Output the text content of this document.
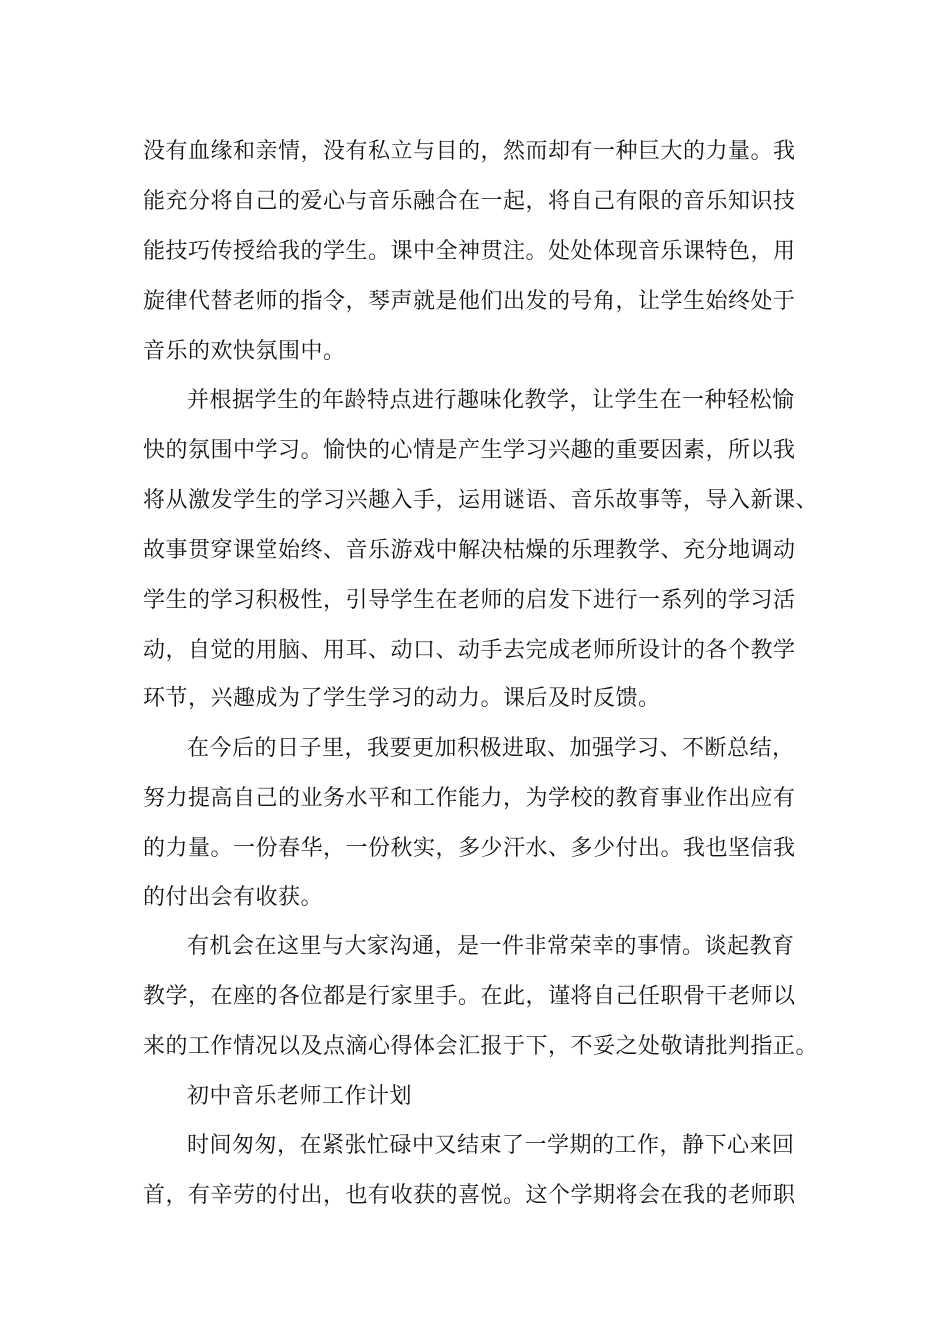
没有血缘和亲情，没有私立与目的，然而却有一种巨大的力量。我
能充分将自己的爱心与音乐融合在一起，将自己有限的音乐知识技
能技巧传授给我的学生。课中全神贯注。处处体现音乐课特色，用
旋律代替老师的指令，琴声就是他们出发的号角，让学生始终处于
音乐的欢快氛围中。
并根据学生的年龄特点进行趣味化教学，让学生在一种轻松愉
快的氛围中学习。愉快的心情是产生学习兴趣的重要因素，所以我
将从激发学生的学习兴趣入手，运用谜语、音乐故事等，导入新课、
故事贯穿课堂始终、音乐游戏中解决枯燥的乐理教学、充分地调动
学生的学习积极性，引导学生在老师的启发下进行一系列的学习活
动，自觉的用脑、用耳、动口、动手去完成老师所设计的各个教学
环节，兴趣成为了学生学习的动力。课后及时反馈。
在今后的日子里，我要更加积极进取、加强学习、不断总结，
努力提高自己的业务水平和工作能力，为学校的教育事业作出应有
的力量。一份春华，一份秋实，多少汗水、多少付出。我也坚信我
的付出会有收获。
有机会在这里与大家沟通，是一件非常荣幸的事情。谈起教育
教学，在座的各位都是行家里手。在此，谨将自己任职骨干老师以
来的工作情况以及点滴心得体会汇报于下，不妥之处敬请批判指正。
初中音乐老师工作计划
时间匆匆，在紧张忙碌中又结束了一学期的工作，静下心来回
首，有辛劳的付出，也有收获的喜悦。这个学期将会在我的老师职
